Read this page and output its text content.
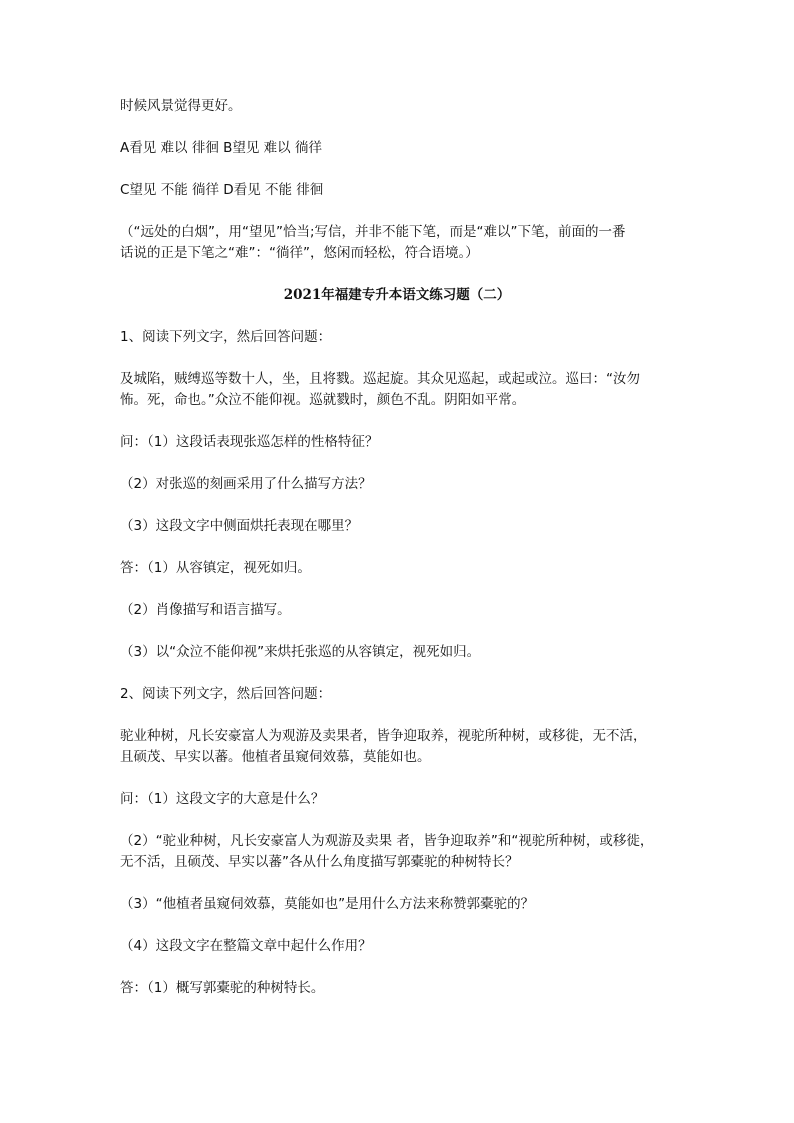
时候风景觉得更好。
A看见 难以 徘徊 B望见 难以 徜徉
C望见 不能 徜徉 D看见 不能 徘徊
（“远处的白烟”，用“望见”恰当;写信，并非不能下笔，而是“难以”下笔，前面的一番
话说的正是下笔之“难”：“徜徉”，悠闲而轻松，符合语境。）
2021年福建专升本语文练习题（二）
1、阅读下列文字，然后回答问题：
及城陷，贼缚巡等数十人，坐，且将戮。巡起旋。其众见巡起，或起或泣。巡曰：“汝勿
怖。死，命也。”众泣不能仰视。巡就戮时，颜色不乱。阴阳如平常。
问：（1）这段话表现张巡怎样的性格特征？
（2）对张巡的刻画采用了什么描写方法？
（3）这段文字中侧面烘托表现在哪里？
答：（1）从容镇定，视死如归。
（2）肖像描写和语言描写。
（3）以“众泣不能仰视”来烘托张巡的从容镇定，视死如归。
2、阅读下列文字，然后回答问题：
驼业种树，凡长安豪富人为观游及卖果者，皆争迎取养，视驼所种树，或移徙，无不活，
且硕茂、早实以蕃。他植者虽窥伺效慕，莫能如也。
问：（1）这段文字的大意是什么？
（2）“驼业种树，凡长安豪富人为观游及卖果 者，皆争迎取养”和“视驼所种树，或移徙，
无不活，且硕茂、早实以蕃”各从什么角度描写郭橐驼的种树特长？
（3）“他植者虽窥伺效慕，莫能如也”是用什么方法来称赞郭橐驼的？
（4）这段文字在整篇文章中起什么作用？
答：（1）概写郭橐驼的种树特长。
